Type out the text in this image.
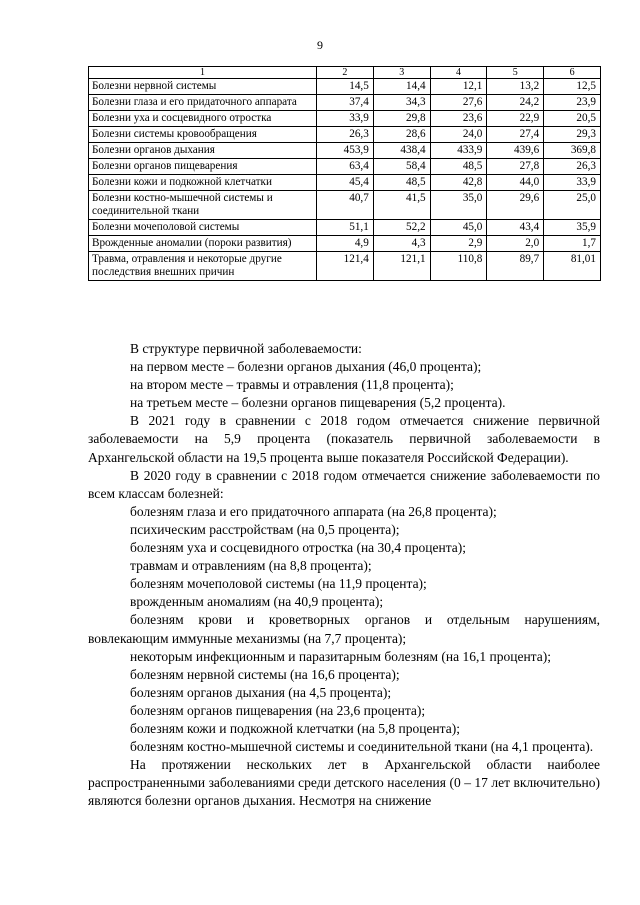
9
1	2	3	4	5	6
Болезни нервной системы	14,5	14,4	12,1	13,2	12,5
Болезни глаза и его придаточного аппарата	37,4	34,3	27,6	24,2	23,9
Болезни уха и сосцевидного отростка	33,9	29,8	23,6	22,9	20,5
Болезни системы кровообращения	26,3	28,6	24,0	27,4	29,3
Болезни органов дыхания	453,9	438,4	433,9	439,6	369,8
Болезни органов пищеварения	63,4	58,4	48,5	27,8	26,3
Болезни кожи и подкожной клетчатки	45,4	48,5	42,8	44,0	33,9
Болезни костно-мышечной системы и соединительной ткани	40,7	41,5	35,0	29,6	25,0
Болезни мочеполовой системы	51,1	52,2	45,0	43,4	35,9
Врожденные аномалии (пороки развития)	4,9	4,3	2,9	2,0	1,7
Травма, отравления и некоторые другие последствия внешних причин	121,4	121,1	110,8	89,7	81,01

В структуре первичной заболеваемости:

на первом месте – болезни органов дыхания (46,0 процента);

на втором месте – травмы и отравления (11,8 процента);

на третьем месте – болезни органов пищеварения (5,2 процента).

В 2021 году в сравнении с 2018 годом отмечается снижение первичной заболеваемости на 5,9 процента (показатель первичной заболеваемости в Архангельской области на 19,5 процента выше показателя Российской Федерации).

В 2020 году в сравнении с 2018 годом отмечается снижение заболеваемости по всем классам болезней:

болезням глаза и его придаточного аппарата (на 26,8 процента);

психическим расстройствам (на 0,5 процента);

болезням уха и сосцевидного отростка (на 30,4 процента);

травмам и отравлениям (на 8,8 процента);

болезням мочеполовой системы (на 11,9 процента);

врожденным аномалиям (на 40,9 процента);

болезням крови и кроветворных органов и отдельным нарушениям, вовлекающим иммунные механизмы (на 7,7 процента);

некоторым инфекционным и паразитарным болезням (на 16,1 процента);

болезням нервной системы (на 16,6 процента);

болезням органов дыхания (на 4,5 процента);

болезням органов пищеварения (на 23,6 процента);

болезням кожи и подкожной клетчатки (на 5,8 процента);

болезням костно-мышечной системы и соединительной ткани (на 4,1 процента).

На протяжении нескольких лет в Архангельской области наиболее распространенными заболеваниями среди детского населения (0 – 17 лет включительно) являются болезни органов дыхания. Несмотря на снижение
